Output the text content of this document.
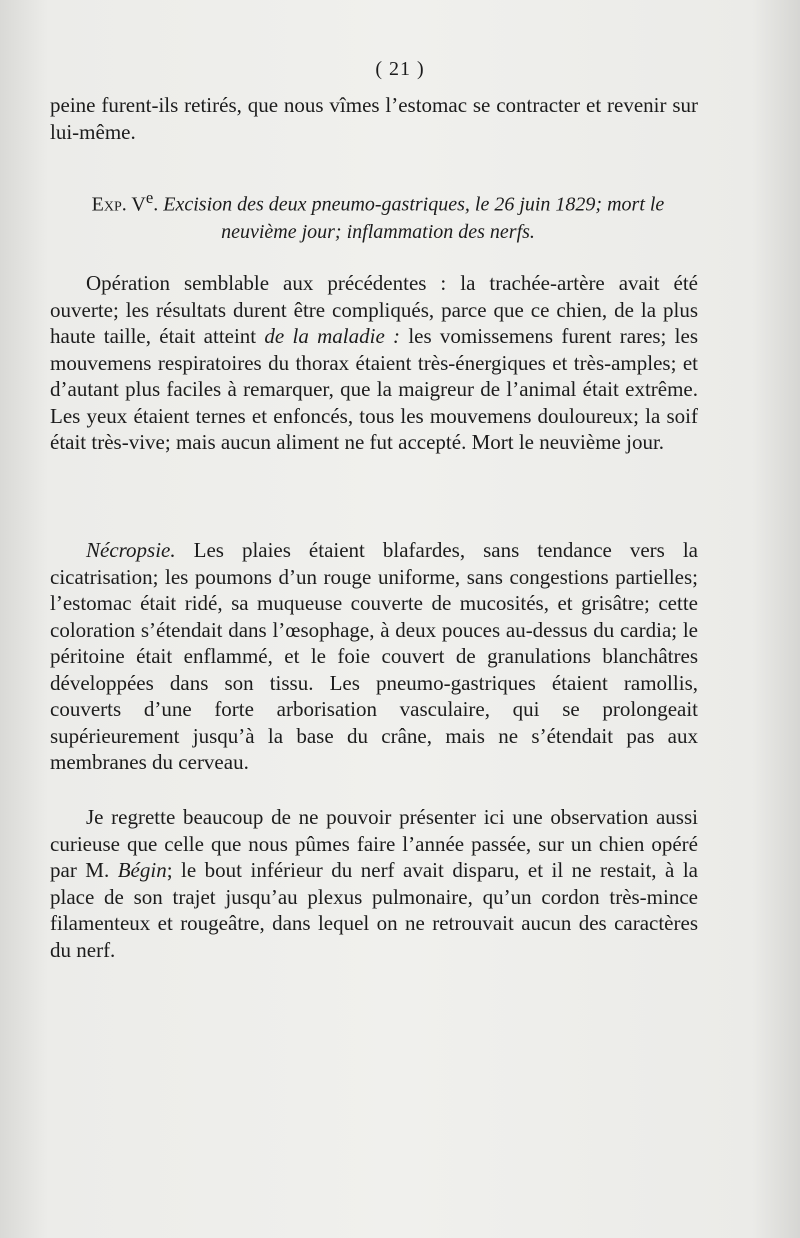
( 21 )

peine furent-ils retirés, que nous vîmes l’estomac se contracter et revenir sur lui-même.

Exp. Ve. Excision des deux pneumo-gastriques, le 26 juin 1829; mort le neuvième jour; inflammation des nerfs.

Opération semblable aux précédentes : la trachée-artère avait été ouverte; les résultats durent être compliqués, parce que ce chien, de la plus haute taille, était atteint de la maladie : les vomissemens furent rares; les mouvemens respiratoires du thorax étaient très-énergiques et très-amples; et d’autant plus faciles à remarquer, que la maigreur de l’animal était extrême. Les yeux étaient ternes et enfoncés, tous les mouvemens douloureux; la soif était très-vive; mais aucun aliment ne fut accepté. Mort le neuvième jour.

Nécropsie. Les plaies étaient blafardes, sans tendance vers la cicatrisation; les poumons d’un rouge uniforme, sans congestions partielles; l’estomac était ridé, sa muqueuse couverte de mucosités, et grisâtre; cette coloration s’étendait dans l’œsophage, à deux pouces au-dessus du cardia; le péritoine était enflammé, et le foie couvert de granulations blanchâtres développées dans son tissu. Les pneumo-gastriques étaient ramollis, couverts d’une forte arborisation vasculaire, qui se prolongeait supérieurement jusqu’à la base du crâne, mais ne s’étendait pas aux membranes du cerveau.

Je regrette beaucoup de ne pouvoir présenter ici une observation aussi curieuse que celle que nous pûmes faire l’année passée, sur un chien opéré par M. Bégin; le bout inférieur du nerf avait disparu, et il ne restait, à la place de son trajet jusqu’au plexus pulmonaire, qu’un cordon très-mince filamenteux et rougeâtre, dans lequel on ne retrouvait aucun des caractères du nerf.
